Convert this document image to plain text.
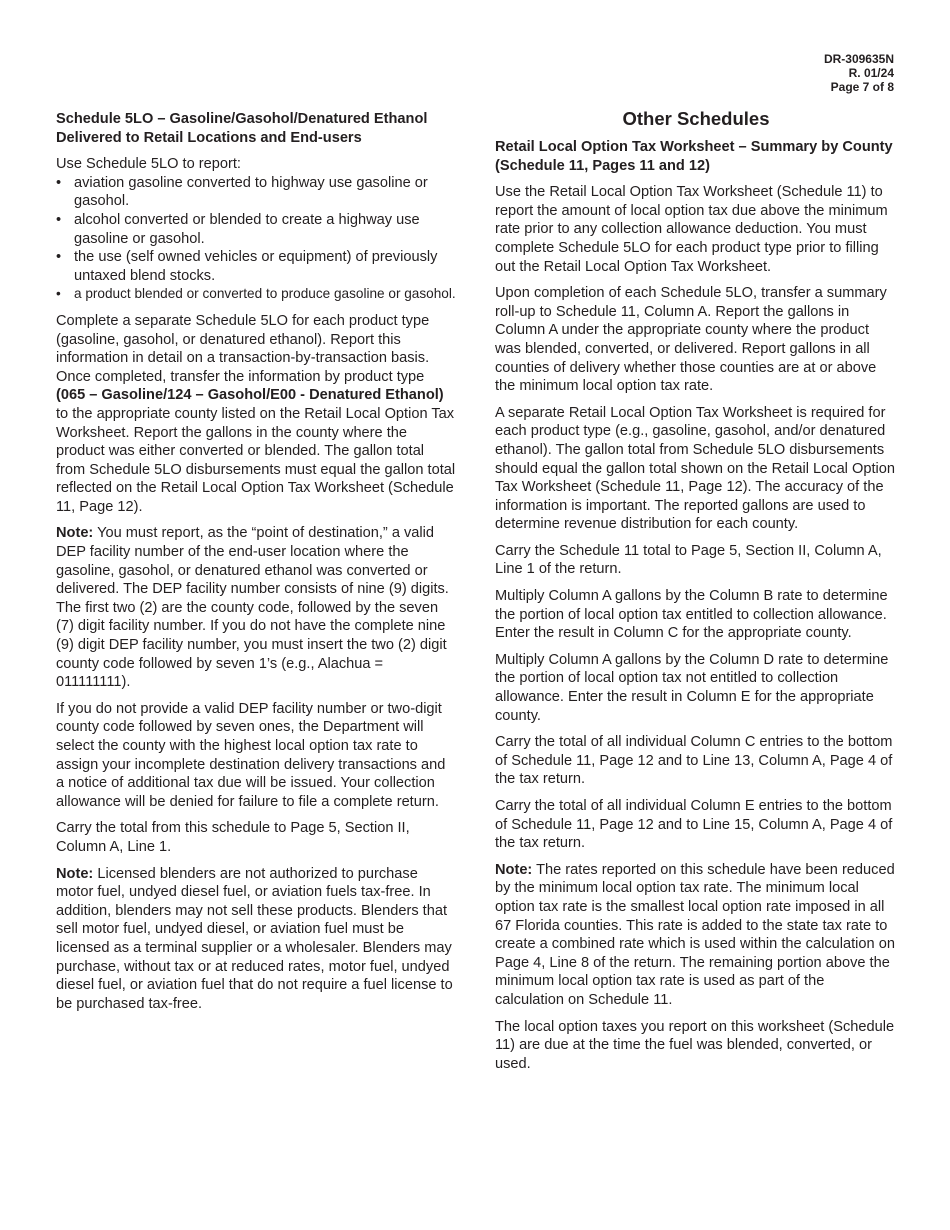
DR-309635N
R. 01/24
Page 7 of 8
Schedule 5LO – Gasoline/Gasohol/Denatured Ethanol Delivered to Retail Locations and End-users

Use Schedule 5LO to report:

• aviation gasoline converted to highway use gasoline or gasohol.
• alcohol converted or blended to create a highway use gasoline or gasohol.
• the use (self owned vehicles or equipment) of previously untaxed blend stocks.
• a product blended or converted to produce gasoline or gasohol.

Complete a separate Schedule 5LO for each product type (gasoline, gasohol, or denatured ethanol). Report this information in detail on a transaction-by-transaction basis. Once completed, transfer the information by product type (065 – Gasoline/124 – Gasohol/E00 - Denatured Ethanol) to the appropriate county listed on the Retail Local Option Tax Worksheet. Report the gallons in the county where the product was either converted or blended. The gallon total from Schedule 5LO disbursements must equal the gallon total reflected on the Retail Local Option Tax Worksheet (Schedule 11, Page 12).

Note: You must report, as the “point of destination,” a valid DEP facility number of the end-user location where the gasoline, gasohol, or denatured ethanol was converted or delivered. The DEP facility number consists of nine (9) digits. The first two (2) are the county code, followed by the seven (7) digit facility number. If you do not have the complete nine (9) digit DEP facility number, you must insert the two (2) digit county code followed by seven 1’s (e.g., Alachua = 011111111).

If you do not provide a valid DEP facility number or two-digit county code followed by seven ones, the Department will select the county with the highest local option tax rate to assign your incomplete destination delivery transactions and a notice of additional tax due will be issued. Your collection allowance will be denied for failure to file a complete return.

Carry the total from this schedule to Page 5, Section II, Column A, Line 1.

Note: Licensed blenders are not authorized to purchase motor fuel, undyed diesel fuel, or aviation fuels tax-free. In addition, blenders may not sell these products. Blenders that sell motor fuel, undyed diesel, or aviation fuel must be licensed as a terminal supplier or a wholesaler. Blenders may purchase, without tax or at reduced rates, motor fuel, undyed diesel fuel, or aviation fuel that do not require a fuel license to be purchased tax-free.

Other Schedules
Retail Local Option Tax Worksheet – Summary by County (Schedule 11, Pages 11 and 12)

Use the Retail Local Option Tax Worksheet (Schedule 11) to report the amount of local option tax due above the minimum rate prior to any collection allowance deduction. You must complete Schedule 5LO for each product type prior to filling out the Retail Local Option Tax Worksheet.

Upon completion of each Schedule 5LO, transfer a summary roll-up to Schedule 11, Column A. Report the gallons in Column A under the appropriate county where the product was blended, converted, or delivered. Report gallons in all counties of delivery whether those counties are at or above the minimum local option tax rate.

A separate Retail Local Option Tax Worksheet is required for each product type (e.g., gasoline, gasohol, and/or denatured ethanol). The gallon total from Schedule 5LO disbursements should equal the gallon total shown on the Retail Local Option Tax Worksheet (Schedule 11, Page 12). The accuracy of the information is important. The reported gallons are used to determine revenue distribution for each county.

Carry the Schedule 11 total to Page 5, Section II, Column A, Line 1 of the return.

Multiply Column A gallons by the Column B rate to determine the portion of local option tax entitled to collection allowance. Enter the result in Column C for the appropriate county.

Multiply Column A gallons by the Column D rate to determine the portion of local option tax not entitled to collection allowance. Enter the result in Column E for the appropriate county.

Carry the total of all individual Column C entries to the bottom of Schedule 11, Page 12 and to Line 13, Column A, Page 4 of the tax return.

Carry the total of all individual Column E entries to the bottom of Schedule 11, Page 12 and to Line 15, Column A, Page 4 of the tax return.

Note: The rates reported on this schedule have been reduced by the minimum local option tax rate. The minimum local option tax rate is the smallest local option rate imposed in all 67 Florida counties. This rate is added to the state tax rate to create a combined rate which is used within the calculation on Page 4, Line 8 of the return. The remaining portion above the minimum local option tax rate is used as part of the calculation on Schedule 11.

The local option taxes you report on this worksheet (Schedule 11) are due at the time the fuel was blended, converted, or used.
